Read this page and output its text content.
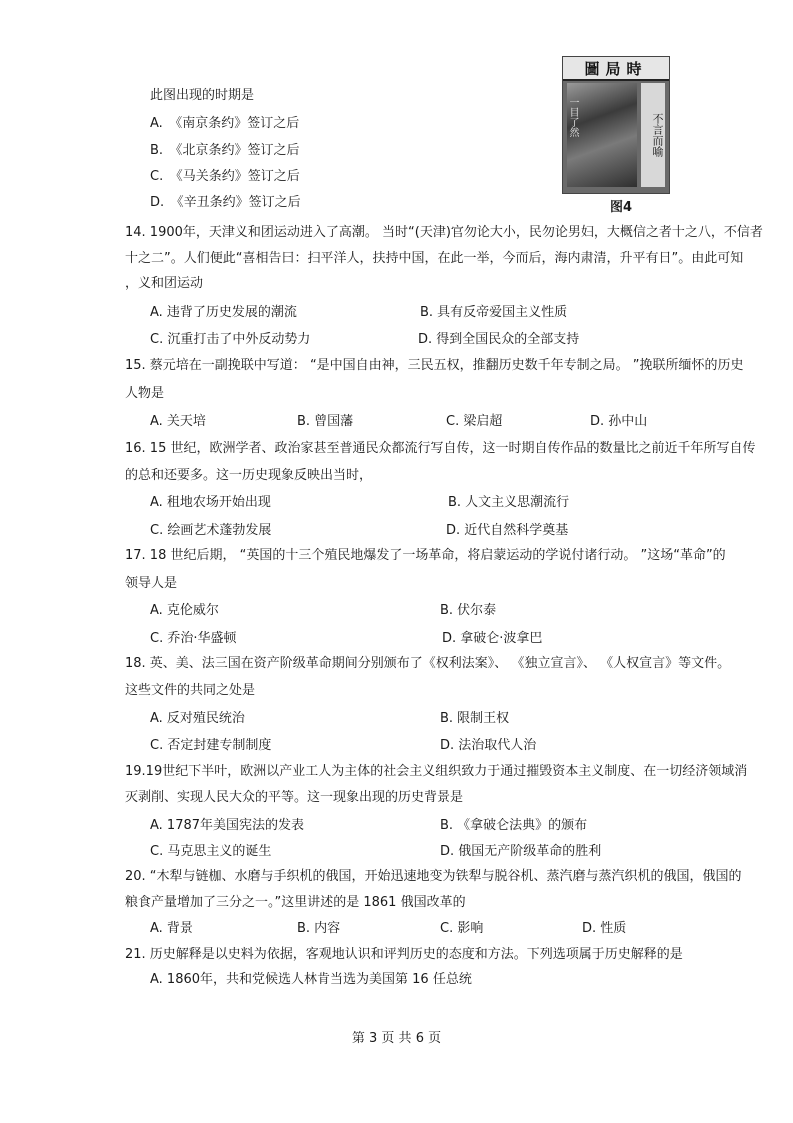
圖局時
一目了然	不言而喻
图4
此图出现的时期是
A.　《南京条约》签订之后
B.　《北京条约》签订之后
C.　《马关条约》签订之后
D.　《辛丑条约》签订之后
14. 1900年，天津义和团运动进入了高潮。 当时“(天津)官勿论大小，民勿论男妇，大概信之者十之八，不信者
十之二”。人们便此“喜相告曰：扫平洋人，扶持中国，在此一举，今而后，海内肃清，升平有日”。由此可知
，义和团运动
A. 违背了历史发展的潮流	B. 具有反帝爱国主义性质
C. 沉重打击了中外反动势力	D. 得到全国民众的全部支持
15. 蔡元培在一副挽联中写道： “是中国自由神，三民五权，推翻历史数千年专制之局。 ”挽联所缅怀的历史
人物是
A. 关天培	B. 曾国藩	C. 梁启超	D. 孙中山
16. 15 世纪，欧洲学者、政治家甚至普通民众都流行写自传，这一时期自传作品的数量比之前近千年所写自传
的总和还要多。这一历史现象反映出当时，
A. 租地农场开始出现	B. 人文主义思潮流行
C. 绘画艺术蓬勃发展	D. 近代自然科学奠基
17. 18 世纪后期， “英国的十三个殖民地爆发了一场革命，将启蒙运动的学说付诸行动。 ”这场“革命”的
领导人是
A. 克伦威尔	B. 伏尔泰
C. 乔治·华盛顿	D. 拿破仑·波拿巴
18. 英、美、法三国在资产阶级革命期间分别颁布了《权利法案》、 《独立宣言》、 《人权宣言》等文件。
这些文件的共同之处是
A. 反对殖民统治	B. 限制王权
C. 否定封建专制制度	D. 法治取代人治
19.19世纪下半叶，欧洲以产业工人为主体的社会主义组织致力于通过摧毁资本主义制度、在一切经济领域消
灭剥削、实现人民大众的平等。这一现象出现的历史背景是
A. 1787年美国宪法的发表	B. 《拿破仑法典》的颁布
C. 马克思主义的诞生	D. 俄国无产阶级革命的胜利
20. “木犁与链枷、水磨与手织机的俄国，开始迅速地变为铁犁与脱谷机、蒸汽磨与蒸汽织机的俄国，俄国的
粮食产量增加了三分之一。”这里讲述的是 1861 俄国改革的
A. 背景	B. 内容	C. 影响	D. 性质
21. 历史解释是以史料为依据，客观地认识和评判历史的态度和方法。下列选项属于历史解释的是
A. 1860年，共和党候选人林肯当选为美国第 16 任总统
第 3 页 共 6 页
